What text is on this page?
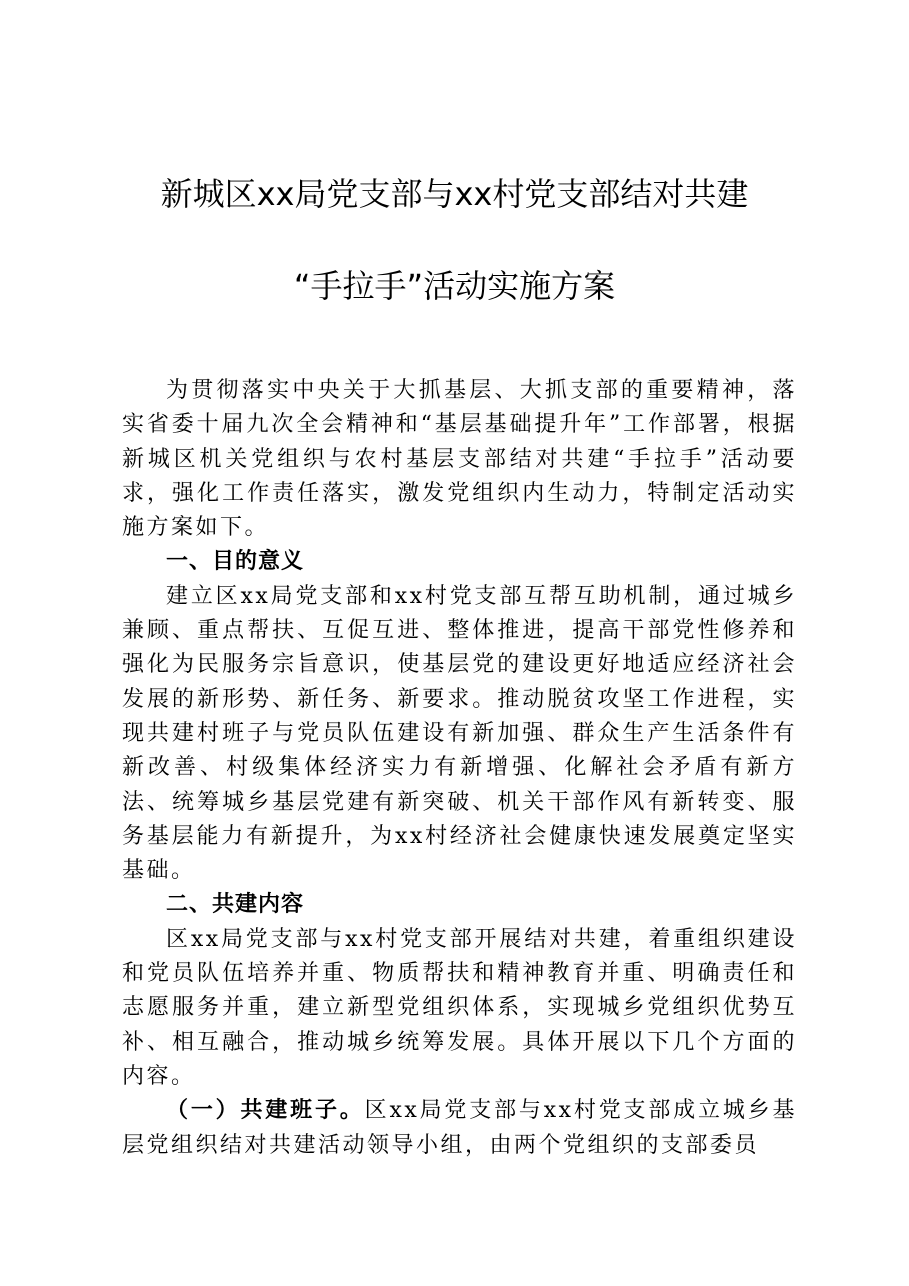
新城区xx局党支部与xx村党支部结对共建
“手拉手”活动实施方案

为贯彻落实中央关于大抓基层、大抓支部的重要精神，落实省委十届九次全会精神和“基层基础提升年”工作部署，根据新城区机关党组织与农村基层支部结对共建“手拉手”活动要求，强化工作责任落实，激发党组织内生动力，特制定活动实施方案如下。

一、目的意义

建立区xx局党支部和xx村党支部互帮互助机制，通过城乡兼顾、重点帮扶、互促互进、整体推进，提高干部党性修养和强化为民服务宗旨意识，使基层党的建设更好地适应经济社会发展的新形势、新任务、新要求。推动脱贫攻坚工作进程，实现共建村班子与党员队伍建设有新加强、群众生产生活条件有新改善、村级集体经济实力有新增强、化解社会矛盾有新方法、统筹城乡基层党建有新突破、机关干部作风有新转变、服务基层能力有新提升，为xx村经济社会健康快速发展奠定坚实基础。

二、共建内容

区xx局党支部与xx村党支部开展结对共建，着重组织建设和党员队伍培养并重、物质帮扶和精神教育并重、明确责任和志愿服务并重，建立新型党组织体系，实现城乡党组织优势互补、相互融合，推动城乡统筹发展。具体开展以下几个方面的内容。

（一）共建班子。区xx局党支部与xx村党支部成立城乡基层党组织结对共建活动领导小组，由两个党组织的支部委员
